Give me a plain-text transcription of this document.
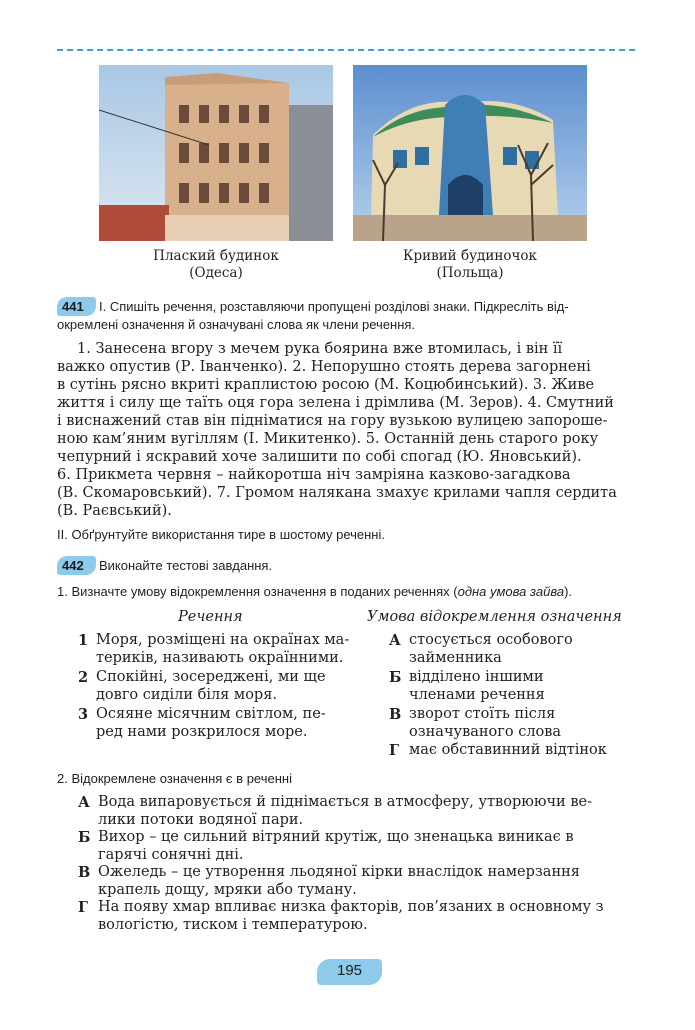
Плаский будинок
(Одеса)
Кривий будиночок
(Польща)
441	І. Спишіть речення, розставляючи пропущені розділові знаки. Підкресліть від-
окремлені означення й означувані слова як члени речення.
1. Занесена вгору з мечем рука боярина вже втомилась, і він її
важко опустив (Р. Іванченко). 2. Непорушно стоять дерева загорнені
в сутінь рясно вкриті краплистою росою (М. Коцюбинський). 3. Живе
життя і силу ще таїть оця гора зелена і дрімлива (М. Зеров). 4. Смутний
і виснажений став він підніматися на гору вузькою вулицею запороше-
ною кам’яним вугіллям (І. Микитенко). 5. Останній день старого року
чепурний і яскравий хоче залишити по собі спогад (Ю. Яновський).
6. Прикмета червня – найкоротша ніч замріяна казково-загадкова
(В. Скомаровський). 7. Громом налякана змахує крилами чапля сердита
(В. Раєвський).
ІІ. Обґрунтуйте використання тире в шостому реченні.
442	Виконайте тестові завдання.
1. Визначте умову відокремлення означення в поданих реченнях (одна умова зайва).
Речення	Умова відокремлення означення
1 Моря, розміщені на окраїнах ма-
териків, називають окраїнними.
2 Спокійні, зосереджені, ми ще
довго сиділи біля моря.
3 Осяяне місячним світлом, пе-
ред нами розкрилося море.
А стосується особового
займенника
Б відділено іншими
членами речення
В зворот стоїть після
означуваного слова
Г має обставинний відтінок
2. Відокремлене означення є в реченні
А Вода випаровується й піднімається в атмосферу, утворюючи ве-
лики потоки водяної пари.
Б Вихор – це сильний вітряний крутіж, що зненацька виникає в
гарячі сонячні дні.
В Ожеледь – це утворення льодяної кірки внаслідок намерзання
крапель дощу, мряки або туману.
Г На появу хмар впливає низка факторів, пов’язаних в основному з
вологістю, тиском і температурою.
195
